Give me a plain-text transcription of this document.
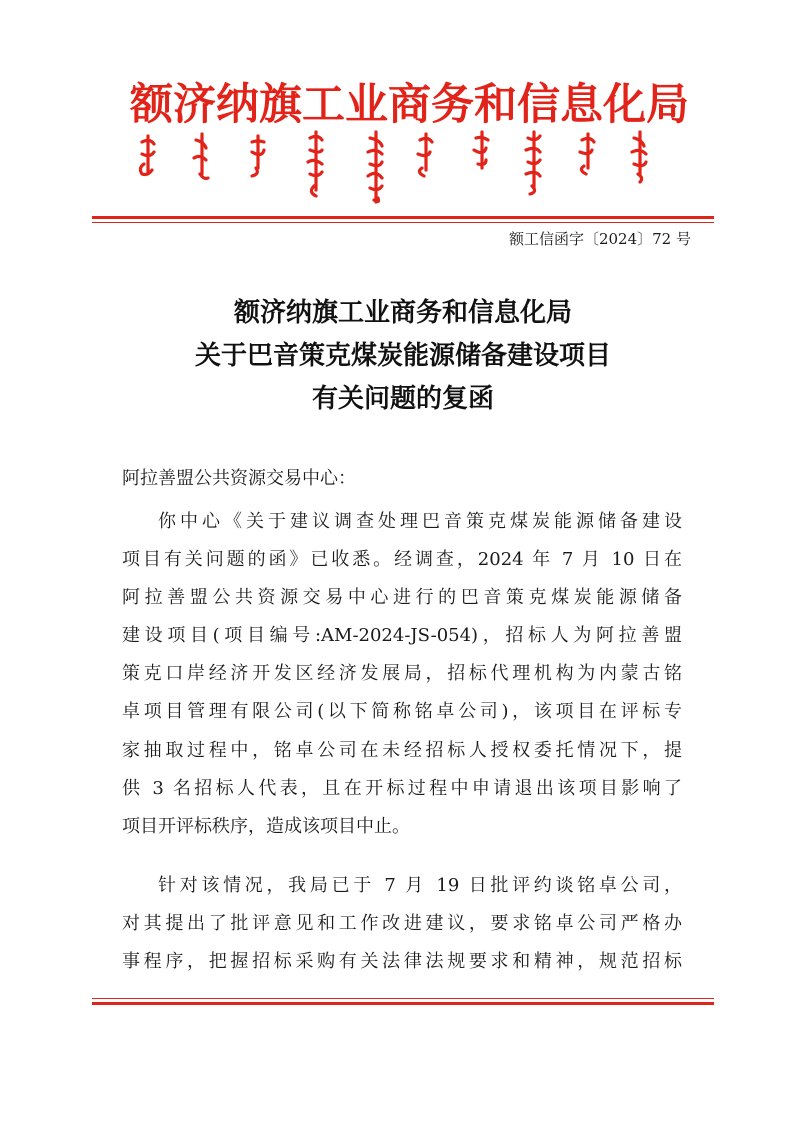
额济纳旗工业商务和信息化局
额工信函字〔2024〕72 号
额济纳旗工业商务和信息化局
关于巴音策克煤炭能源储备建设项目
有关问题的复函
阿拉善盟公共资源交易中心：
你中心《关于建议调查处理巴音策克煤炭能源储备建设
项目有关问题的函》已收悉。经调查，2024 年 7 月 10 日在
阿拉善盟公共资源交易中心进行的巴音策克煤炭能源储备
建设项目(项目编号:AM-2024-JS-054)，招标人为阿拉善盟
策克口岸经济开发区经济发展局，招标代理机构为内蒙古铭
卓项目管理有限公司(以下简称铭卓公司)，该项目在评标专
家抽取过程中，铭卓公司在未经招标人授权委托情况下，提
供 3 名招标人代表，且在开标过程中申请退出该项目影响了
项目开评标秩序，造成该项目中止。
针对该情况，我局已于 7 月 19 日批评约谈铭卓公司，
对其提出了批评意见和工作改进建议，要求铭卓公司严格办
事程序，把握招标采购有关法律法规要求和精神，规范招标
